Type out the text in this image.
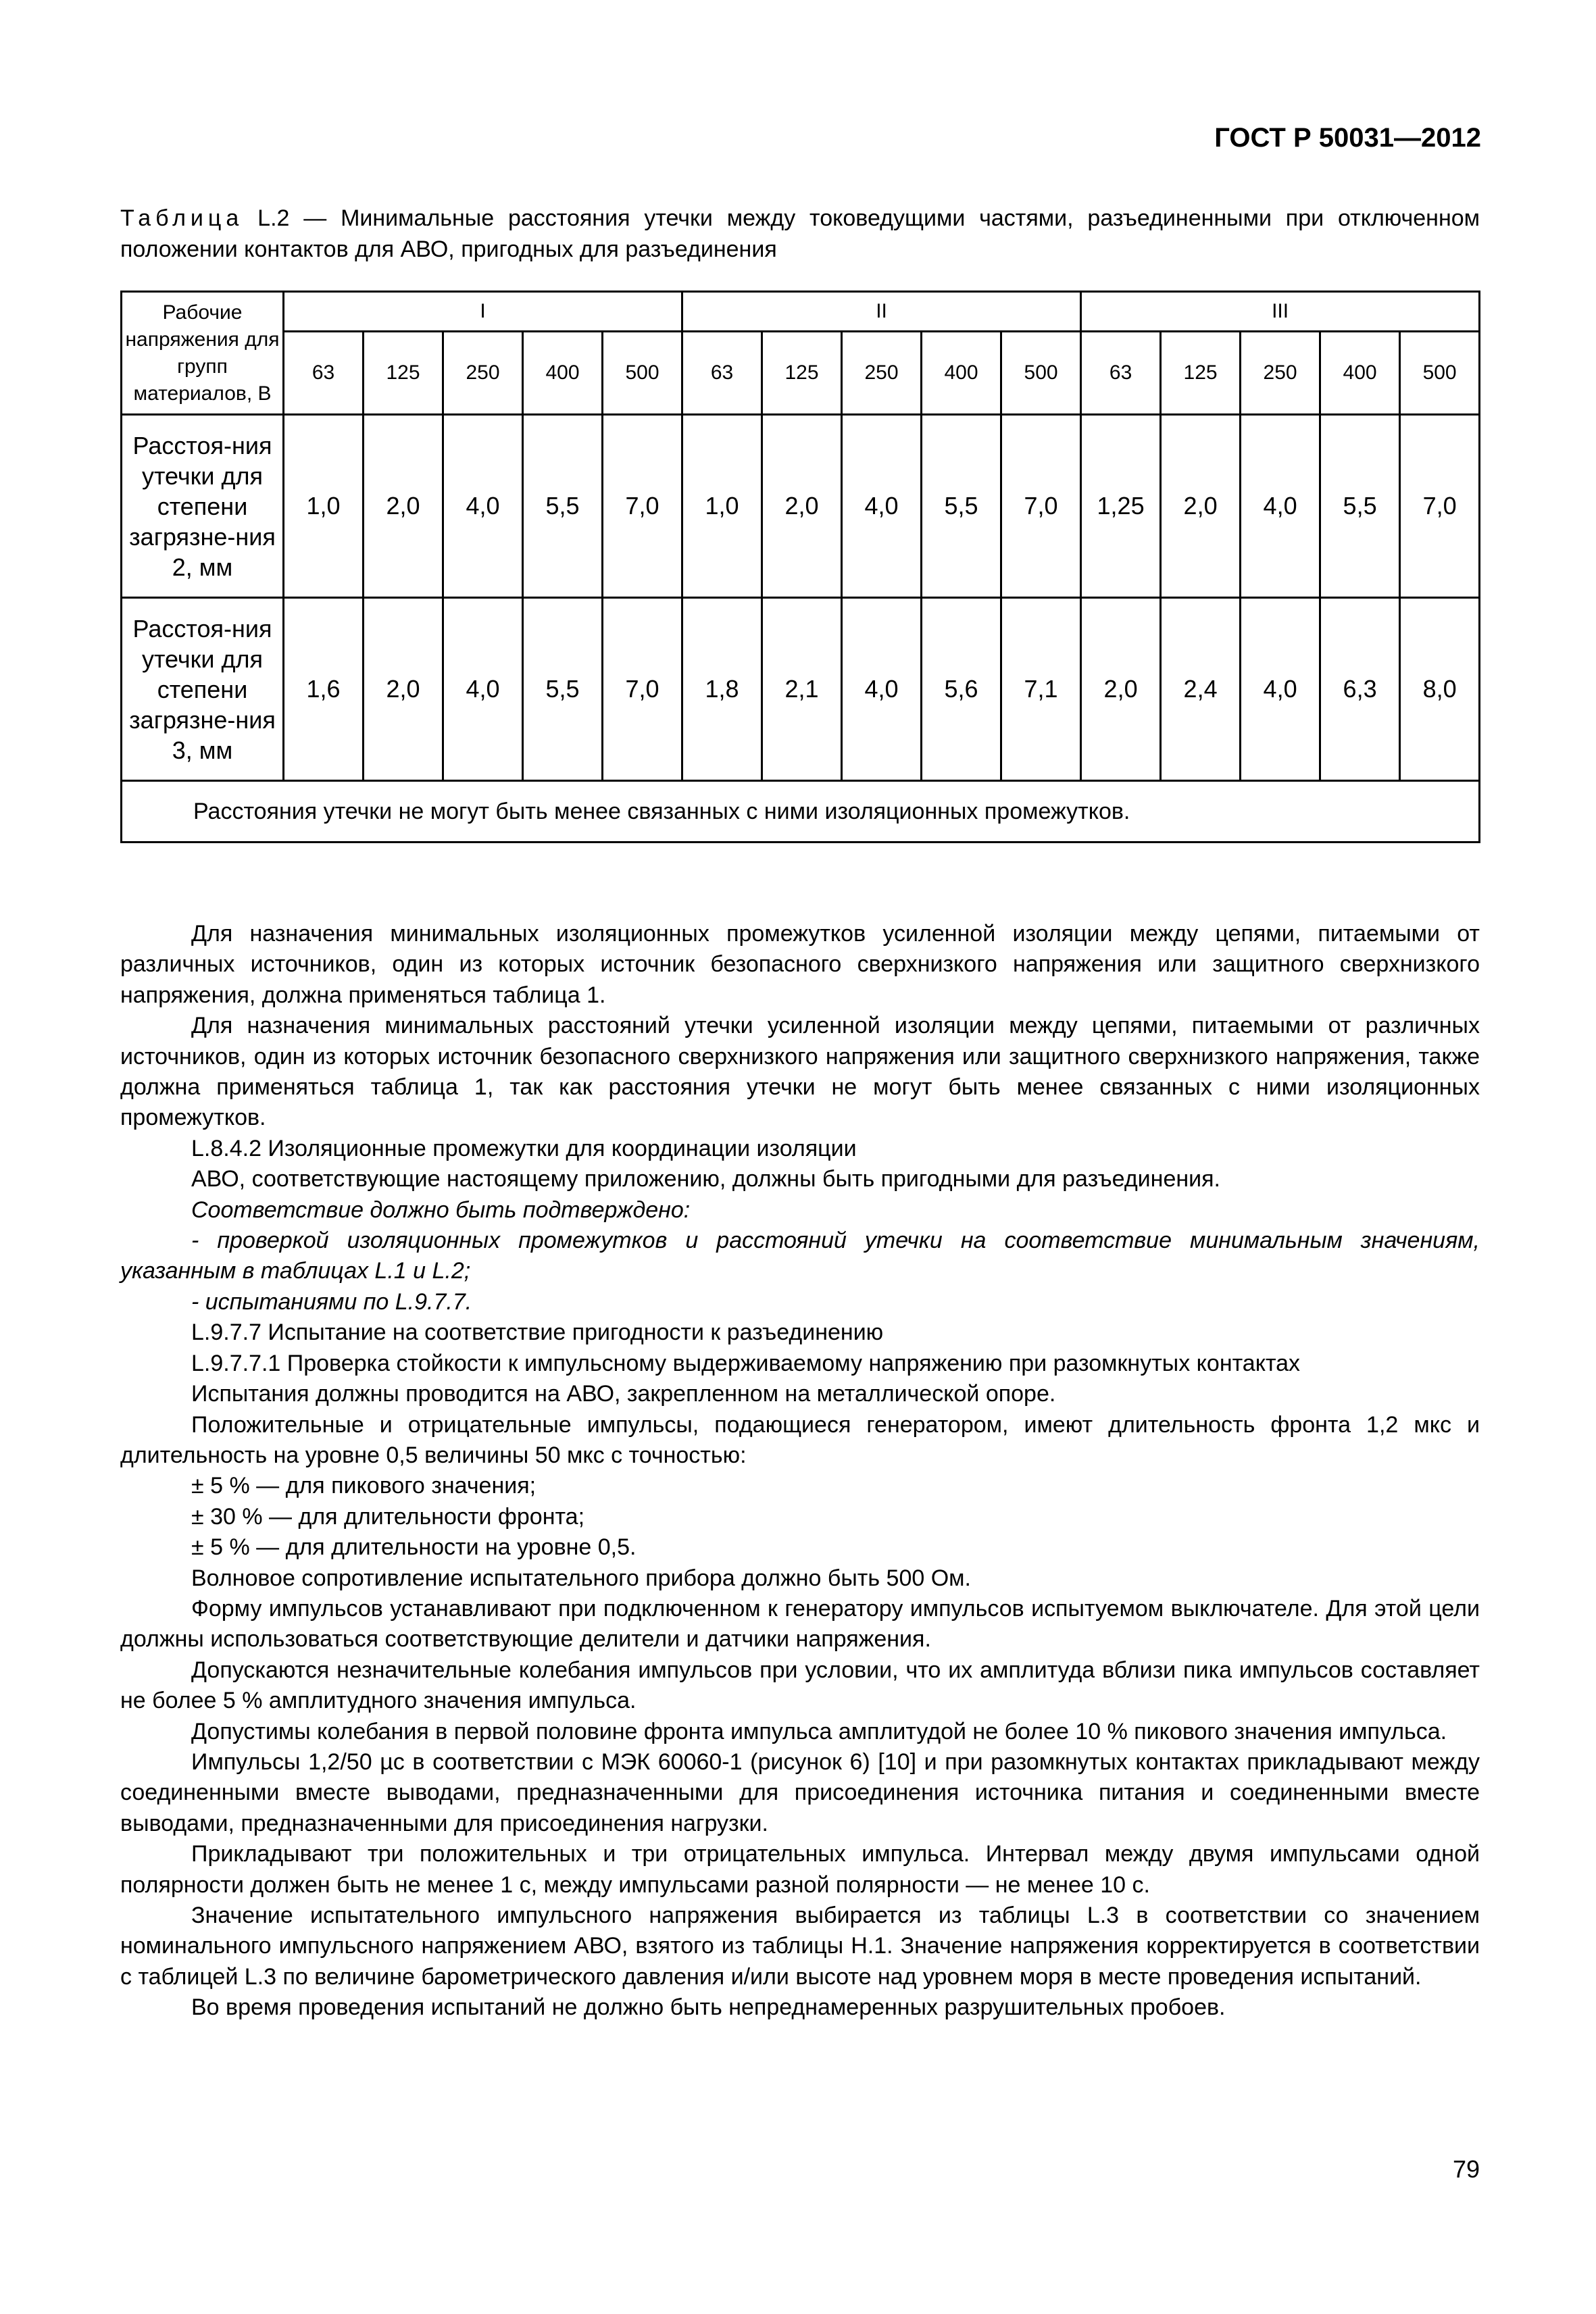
ГОСТ Р 50031—2012
Таблица L.2 — Минимальные расстояния утечки между токоведущими частями, разъединенными при отключенном положении контактов для АВО, пригодных для разъединения
Рабочие напряжения для групп материалов, В	I					II					III				
	63	125	250	400	500	63	125	250	400	500	63	125	250	400	500
Расстоя-ния утечки для степени загрязне-ния 2, мм	1,0	2,0	4,0	5,5	7,0	1,0	2,0	4,0	5,5	7,0	1,25	2,0	4,0	5,5	7,0
Расстоя-ния утечки для степени загрязне-ния 3, мм	1,6	2,0	4,0	5,5	7,0	1,8	2,1	4,0	5,6	7,1	2,0	2,4	4,0	6,3	8,0
Расстояния утечки не могут быть менее связанных с ними изоляционных промежутков.															

Для назначения минимальных изоляционных промежутков усиленной изоляции между цепями, питаемыми от различных источников, один из которых источник безопасного сверхнизкого напряжения или защитного сверхнизкого напряжения, должна применяться таблица 1.

Для назначения минимальных расстояний утечки усиленной изоляции между цепями, питаемыми от различных источников, один из которых источник безопасного сверхнизкого напряжения или защитного сверхнизкого напряжения, также должна применяться таблица 1, так как расстояния утечки не могут быть менее связанных с ними изоляционных промежутков.

L.8.4.2 Изоляционные промежутки для координации изоляции

АВО, соответствующие настоящему приложению, должны быть пригодными для разъединения.

Соответствие должно быть подтверждено:

- проверкой изоляционных промежутков и расстояний утечки на соответствие минимальным значениям, указанным в таблицах L.1 и L.2;

- испытаниями по L.9.7.7.

L.9.7.7 Испытание на соответствие пригодности к разъединению

L.9.7.7.1 Проверка стойкости к импульсному выдерживаемому напряжению при разомкнутых контактах

Испытания должны проводится на АВО, закрепленном на металлической опоре.

Положительные и отрицательные импульсы, подающиеся генератором, имеют длительность фронта 1,2 мкс и длительность на уровне 0,5 величины 50 мкс с точностью:

± 5 % — для пикового значения;

± 30 % — для длительности фронта;

± 5 % — для длительности на уровне 0,5.

Волновое сопротивление испытательного прибора должно быть 500 Ом.

Форму импульсов устанавливают при подключенном к генератору импульсов испытуемом выключателе. Для этой цели должны использоваться соответствующие делители и датчики напряжения.

Допускаются незначительные колебания импульсов при условии, что их амплитуда вблизи пика импульсов составляет не более 5 % амплитудного значения импульса.

Допустимы колебания в первой половине фронта импульса амплитудой не более 10 % пикового значения импульса.

Импульсы 1,2/50 µс в соответствии с МЭК 60060-1 (рисунок 6) [10] и при разомкнутых контактах прикладывают между соединенными вместе выводами, предназначенными для присоединения источника питания и соединенными вместе выводами, предназначенными для присоединения нагрузки.

Прикладывают три положительных и три отрицательных импульса. Интервал между двумя импульсами одной полярности должен быть не менее 1 с, между импульсами разной полярности — не менее 10 с.

Значение испытательного импульсного напряжения выбирается из таблицы L.3 в соответствии со значением номинального импульсного напряжением АВО, взятого из таблицы H.1. Значение напряжения корректируется в соответствии с таблицей L.3 по величине барометрического давления и/или высоте над уровнем моря в месте проведения испытаний.

Во время проведения испытаний не должно быть непреднамеренных разрушительных пробоев.

79
